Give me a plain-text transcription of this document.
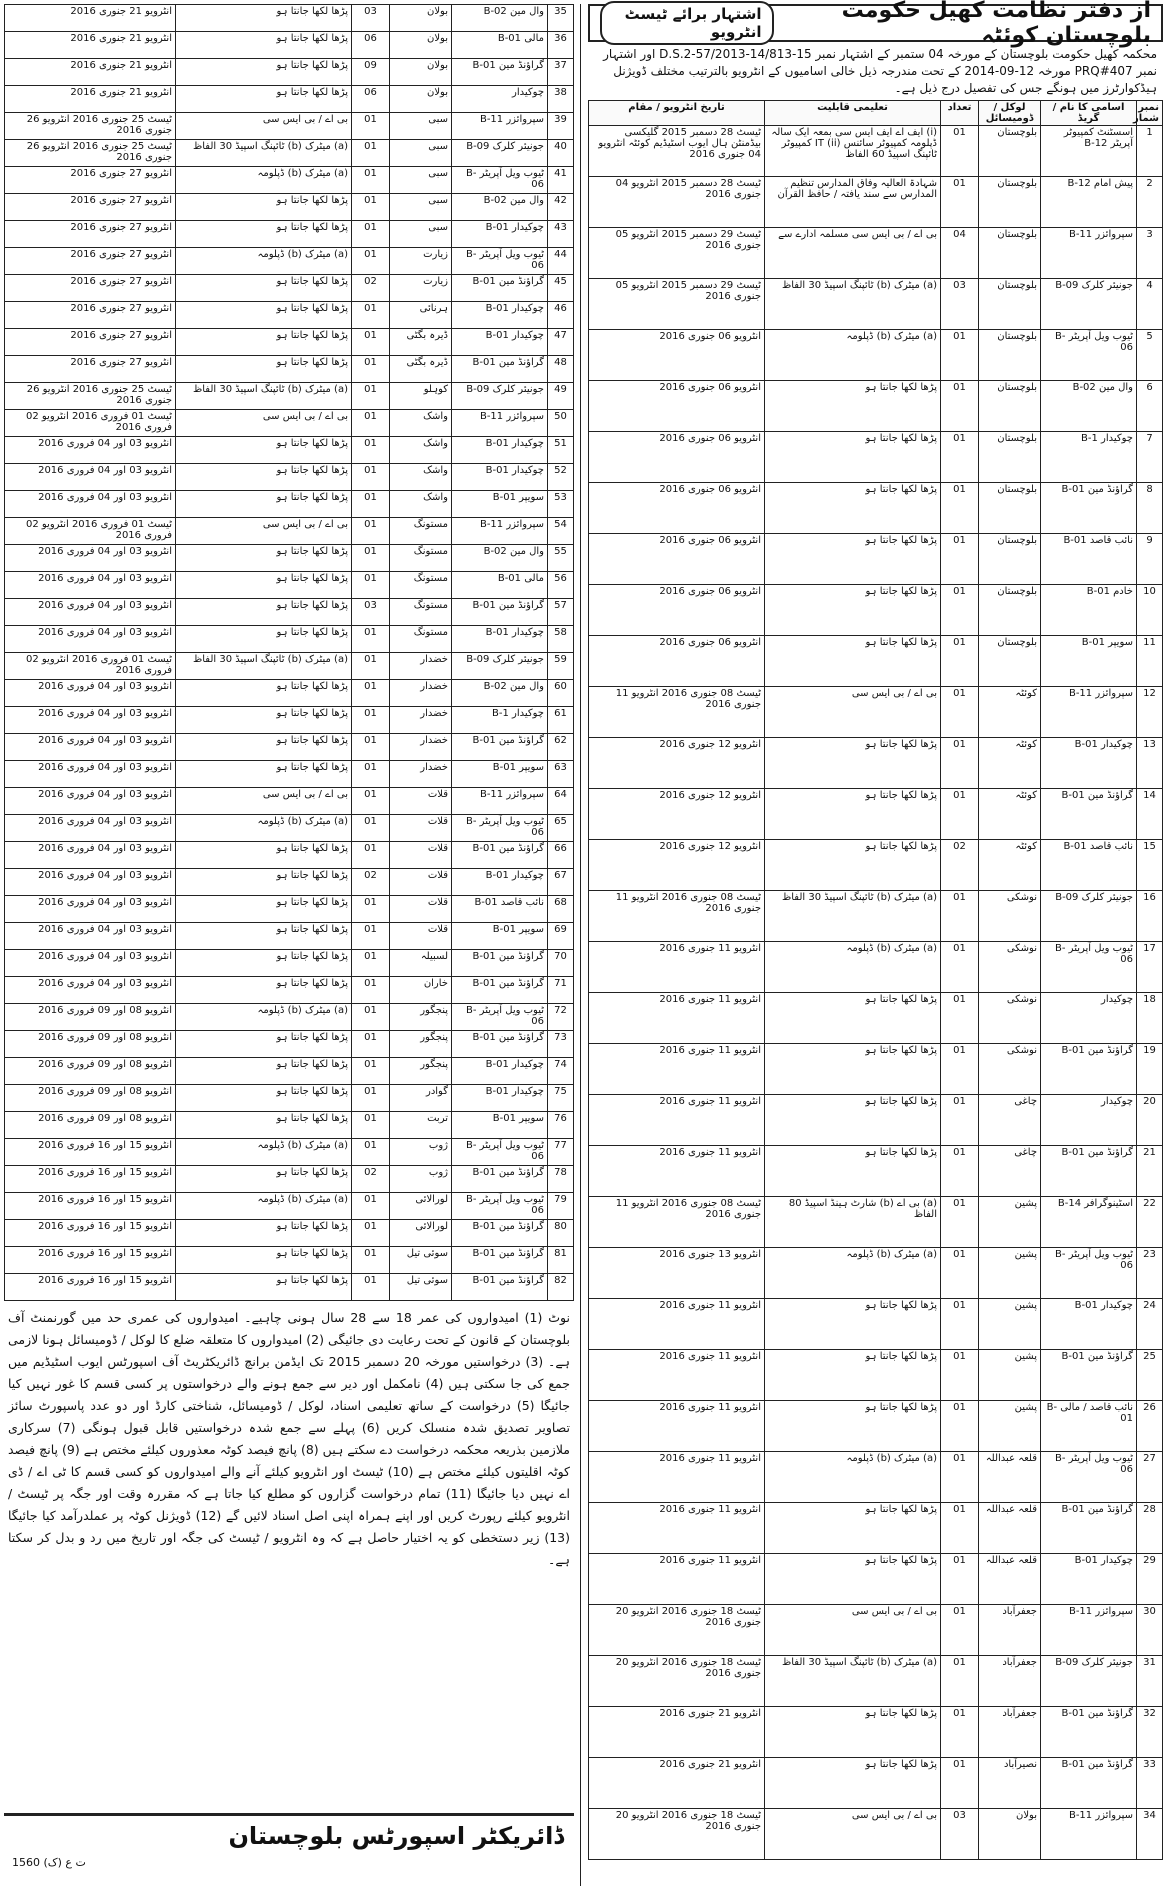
از دفتر نظامت کھیل حکومت بلوچستان کوئٹہ
اشتہار برائے ٹیسٹ انٹرویو
محکمہ کھیل حکومت بلوچستان کے مورخہ 04 ستمبر کے اشتہار نمبر D.S.2-57/2013-14/813-15 اور اشتہار نمبر PRQ#407 مورخہ 12-09-2014 کے تحت مندرجہ ذیل خالی اسامیوں کے انٹرویو بالترتیب مختلف ڈویژنل ہیڈکوارٹرز میں ہونگے جس کی تفصیل درج ذیل ہے۔
نمبر شمار	اسامی کا نام / گریڈ	لوکل / ڈومیسائل	تعداد	تعلیمی قابلیت	تاریخ انٹرویو / مقام
1	اسسٹنٹ کمپیوٹر آپریٹر B-12	بلوچستان	01	(i) ایف اے ایف ایس سی بمعہ ایک سالہ ڈپلومہ کمپیوٹر سائنس IT (ii) کمپیوٹر ٹائپنگ اسپیڈ 60 الفاظ	ٹیسٹ 28 دسمبر 2015 گلیکسی بیڈمنٹن ہال ایوب اسٹیڈیم کوئٹہ انٹرویو 04 جنوری 2016
2	پیش امام B-12	بلوچستان	01	شہادۃ العالیہ وفاق المدارس تنظیم المدارس سے سند یافتہ / حافظ القرآن	ٹیسٹ 28 دسمبر 2015 انٹرویو 04 جنوری 2016
3	سپروائزر B-11	بلوچستان	04	بی اے / بی ایس سی مسلمہ ادارے سے	ٹیسٹ 29 دسمبر 2015 انٹرویو 05 جنوری 2016
4	جونیئر کلرک B-09	بلوچستان	03	(a) میٹرک (b) ٹائپنگ اسپیڈ 30 الفاظ	ٹیسٹ 29 دسمبر 2015 انٹرویو 05 جنوری 2016
5	ٹیوب ویل آپریٹر B-06	بلوچستان	01	(a) میٹرک (b) ڈپلومہ	انٹرویو 06 جنوری 2016
6	وال مین B-02	بلوچستان	01	پڑھا لکھا جانتا ہو	انٹرویو 06 جنوری 2016
7	چوکیدار B-1	بلوچستان	01	پڑھا لکھا جانتا ہو	انٹرویو 06 جنوری 2016
8	گراؤنڈ مین B-01	بلوچستان	01	پڑھا لکھا جانتا ہو	انٹرویو 06 جنوری 2016
9	نائب قاصد B-01	بلوچستان	01	پڑھا لکھا جانتا ہو	انٹرویو 06 جنوری 2016
10	خادم B-01	بلوچستان	01	پڑھا لکھا جانتا ہو	انٹرویو 06 جنوری 2016
11	سویپر B-01	بلوچستان	01	پڑھا لکھا جانتا ہو	انٹرویو 06 جنوری 2016
12	سپروائزر B-11	کوئٹہ	01	بی اے / بی ایس سی	ٹیسٹ 08 جنوری 2016 انٹرویو 11 جنوری 2016
13	چوکیدار B-01	کوئٹہ	01	پڑھا لکھا جانتا ہو	انٹرویو 12 جنوری 2016
14	گراؤنڈ مین B-01	کوئٹہ	01	پڑھا لکھا جانتا ہو	انٹرویو 12 جنوری 2016
15	نائب قاصد B-01	کوئٹہ	02	پڑھا لکھا جانتا ہو	انٹرویو 12 جنوری 2016
16	جونیئر کلرک B-09	نوشکی	01	(a) میٹرک (b) ٹائپنگ اسپیڈ 30 الفاظ	ٹیسٹ 08 جنوری 2016 انٹرویو 11 جنوری 2016
17	ٹیوب ویل آپریٹر B-06	نوشکی	01	(a) میٹرک (b) ڈپلومہ	انٹرویو 11 جنوری 2016
18	چوکیدار	نوشکی	01	پڑھا لکھا جانتا ہو	انٹرویو 11 جنوری 2016
19	گراؤنڈ مین B-01	نوشکی	01	پڑھا لکھا جانتا ہو	انٹرویو 11 جنوری 2016
20	چوکیدار	چاغی	01	پڑھا لکھا جانتا ہو	انٹرویو 11 جنوری 2016
21	گراؤنڈ مین B-01	چاغی	01	پڑھا لکھا جانتا ہو	انٹرویو 11 جنوری 2016
22	اسٹینوگرافر B-14	پشین	01	(a) بی اے (b) شارٹ ہینڈ اسپیڈ 80 الفاظ	ٹیسٹ 08 جنوری 2016 انٹرویو 11 جنوری 2016
23	ٹیوب ویل آپریٹر B-06	پشین	01	(a) میٹرک (b) ڈپلومہ	انٹرویو 13 جنوری 2016
24	چوکیدار B-01	پشین	01	پڑھا لکھا جانتا ہو	انٹرویو 11 جنوری 2016
25	گراؤنڈ مین B-01	پشین	01	پڑھا لکھا جانتا ہو	انٹرویو 11 جنوری 2016
26	نائب قاصد / مالی B-01	پشین	01	پڑھا لکھا جانتا ہو	انٹرویو 11 جنوری 2016
27	ٹیوب ویل آپریٹر B-06	قلعہ عبداللہ	01	(a) میٹرک (b) ڈپلومہ	انٹرویو 11 جنوری 2016
28	گراؤنڈ مین B-01	قلعہ عبداللہ	01	پڑھا لکھا جانتا ہو	انٹرویو 11 جنوری 2016
29	چوکیدار B-01	قلعہ عبداللہ	01	پڑھا لکھا جانتا ہو	انٹرویو 11 جنوری 2016
30	سپروائزر B-11	جعفرآباد	01	بی اے / بی ایس سی	ٹیسٹ 18 جنوری 2016 انٹرویو 20 جنوری 2016
31	جونیئر کلرک B-09	جعفرآباد	01	(a) میٹرک (b) ٹائپنگ اسپیڈ 30 الفاظ	ٹیسٹ 18 جنوری 2016 انٹرویو 20 جنوری 2016
32	گراؤنڈ مین B-01	جعفرآباد	01	پڑھا لکھا جانتا ہو	انٹرویو 21 جنوری 2016
33	گراؤنڈ مین B-01	نصیرآباد	01	پڑھا لکھا جانتا ہو	انٹرویو 21 جنوری 2016
34	سپروائزر B-11	بولان	03	بی اے / بی ایس سی	ٹیسٹ 18 جنوری 2016 انٹرویو 20 جنوری 2016
35	وال مین B-02	بولان	03	پڑھا لکھا جانتا ہو	انٹرویو 21 جنوری 2016
36	مالی B-01	بولان	06	پڑھا لکھا جانتا ہو	انٹرویو 21 جنوری 2016
37	گراؤنڈ مین B-01	بولان	09	پڑھا لکھا جانتا ہو	انٹرویو 21 جنوری 2016
38	چوکیدار	بولان	06	پڑھا لکھا جانتا ہو	انٹرویو 21 جنوری 2016
39	سپروائزر B-11	سبی	01	بی اے / بی ایس سی	ٹیسٹ 25 جنوری 2016 انٹرویو 26 جنوری 2016
40	جونیئر کلرک B-09	سبی	01	(a) میٹرک (b) ٹائپنگ اسپیڈ 30 الفاظ	ٹیسٹ 25 جنوری 2016 انٹرویو 26 جنوری 2016
41	ٹیوب ویل آپریٹر B-06	سبی	01	(a) میٹرک (b) ڈپلومہ	انٹرویو 27 جنوری 2016
42	وال مین B-02	سبی	01	پڑھا لکھا جانتا ہو	انٹرویو 27 جنوری 2016
43	چوکیدار B-01	سبی	01	پڑھا لکھا جانتا ہو	انٹرویو 27 جنوری 2016
44	ٹیوب ویل آپریٹر B-06	زیارت	01	(a) میٹرک (b) ڈپلومہ	انٹرویو 27 جنوری 2016
45	گراؤنڈ مین B-01	زیارت	02	پڑھا لکھا جانتا ہو	انٹرویو 27 جنوری 2016
46	چوکیدار B-01	ہرنائی	01	پڑھا لکھا جانتا ہو	انٹرویو 27 جنوری 2016
47	چوکیدار B-01	ڈیرہ بگٹی	01	پڑھا لکھا جانتا ہو	انٹرویو 27 جنوری 2016
48	گراؤنڈ مین B-01	ڈیرہ بگٹی	01	پڑھا لکھا جانتا ہو	انٹرویو 27 جنوری 2016
49	جونیئر کلرک B-09	کوہلو	01	(a) میٹرک (b) ٹائپنگ اسپیڈ 30 الفاظ	ٹیسٹ 25 جنوری 2016 انٹرویو 26 جنوری 2016
50	سپروائزر B-11	واشک	01	بی اے / بی ایس سی	ٹیسٹ 01 فروری 2016 انٹرویو 02 فروری 2016
51	چوکیدار B-01	واشک	01	پڑھا لکھا جانتا ہو	انٹرویو 03 اور 04 فروری 2016
52	چوکیدار B-01	واشک	01	پڑھا لکھا جانتا ہو	انٹرویو 03 اور 04 فروری 2016
53	سویپر B-01	واشک	01	پڑھا لکھا جانتا ہو	انٹرویو 03 اور 04 فروری 2016
54	سپروائزر B-11	مستونگ	01	بی اے / بی ایس سی	ٹیسٹ 01 فروری 2016 انٹرویو 02 فروری 2016
55	وال مین B-02	مستونگ	01	پڑھا لکھا جانتا ہو	انٹرویو 03 اور 04 فروری 2016
56	مالی B-01	مستونگ	01	پڑھا لکھا جانتا ہو	انٹرویو 03 اور 04 فروری 2016
57	گراؤنڈ مین B-01	مستونگ	03	پڑھا لکھا جانتا ہو	انٹرویو 03 اور 04 فروری 2016
58	چوکیدار B-01	مستونگ	01	پڑھا لکھا جانتا ہو	انٹرویو 03 اور 04 فروری 2016
59	جونیئر کلرک B-09	خضدار	01	(a) میٹرک (b) ٹائپنگ اسپیڈ 30 الفاظ	ٹیسٹ 01 فروری 2016 انٹرویو 02 فروری 2016
60	وال مین B-02	خضدار	01	پڑھا لکھا جانتا ہو	انٹرویو 03 اور 04 فروری 2016
61	چوکیدار B-1	خضدار	01	پڑھا لکھا جانتا ہو	انٹرویو 03 اور 04 فروری 2016
62	گراؤنڈ مین B-01	خضدار	01	پڑھا لکھا جانتا ہو	انٹرویو 03 اور 04 فروری 2016
63	سویپر B-01	خضدار	01	پڑھا لکھا جانتا ہو	انٹرویو 03 اور 04 فروری 2016
64	سپروائزر B-11	قلات	01	بی اے / بی ایس سی	انٹرویو 03 اور 04 فروری 2016
65	ٹیوب ویل آپریٹر B-06	قلات	01	(a) میٹرک (b) ڈپلومہ	انٹرویو 03 اور 04 فروری 2016
66	گراؤنڈ مین B-01	قلات	01	پڑھا لکھا جانتا ہو	انٹرویو 03 اور 04 فروری 2016
67	چوکیدار B-01	قلات	02	پڑھا لکھا جانتا ہو	انٹرویو 03 اور 04 فروری 2016
68	نائب قاصد B-01	قلات	01	پڑھا لکھا جانتا ہو	انٹرویو 03 اور 04 فروری 2016
69	سویپر B-01	قلات	01	پڑھا لکھا جانتا ہو	انٹرویو 03 اور 04 فروری 2016
70	گراؤنڈ مین B-01	لسبیلہ	01	پڑھا لکھا جانتا ہو	انٹرویو 03 اور 04 فروری 2016
71	گراؤنڈ مین B-01	خاران	01	پڑھا لکھا جانتا ہو	انٹرویو 03 اور 04 فروری 2016
72	ٹیوب ویل آپریٹر B-06	پنجگور	01	(a) میٹرک (b) ڈپلومہ	انٹرویو 08 اور 09 فروری 2016
73	گراؤنڈ مین B-01	پنجگور	01	پڑھا لکھا جانتا ہو	انٹرویو 08 اور 09 فروری 2016
74	چوکیدار B-01	پنجگور	01	پڑھا لکھا جانتا ہو	انٹرویو 08 اور 09 فروری 2016
75	چوکیدار B-01	گوادر	01	پڑھا لکھا جانتا ہو	انٹرویو 08 اور 09 فروری 2016
76	سویپر B-01	تربت	01	پڑھا لکھا جانتا ہو	انٹرویو 08 اور 09 فروری 2016
77	ٹیوب ویل آپریٹر B-06	ژوب	01	(a) میٹرک (b) ڈپلومہ	انٹرویو 15 اور 16 فروری 2016
78	گراؤنڈ مین B-01	ژوب	02	پڑھا لکھا جانتا ہو	انٹرویو 15 اور 16 فروری 2016
79	ٹیوب ویل آپریٹر B-06	لورالائی	01	(a) میٹرک (b) ڈپلومہ	انٹرویو 15 اور 16 فروری 2016
80	گراؤنڈ مین B-01	لورالائی	01	پڑھا لکھا جانتا ہو	انٹرویو 15 اور 16 فروری 2016
81	گراؤنڈ مین B-01	سوئی تیل	01	پڑھا لکھا جانتا ہو	انٹرویو 15 اور 16 فروری 2016
82	گراؤنڈ مین B-01	سوئی تیل	01	پڑھا لکھا جانتا ہو	انٹرویو 15 اور 16 فروری 2016
نوٹ (1) امیدواروں کی عمر 18 سے 28 سال ہونی چاہیے۔ امیدواروں کی عمری حد میں گورنمنٹ آف بلوچستان کے قانون کے تحت رعایت دی جائیگی (2) امیدواروں کا متعلقہ ضلع کا لوکل / ڈومیسائل ہونا لازمی ہے۔ (3) درخواستیں مورخہ 20 دسمبر 2015 تک ایڈمن برانچ ڈائریکٹریٹ آف اسپورٹس ایوب اسٹیڈیم میں جمع کی جا سکتی ہیں (4) نامکمل اور دیر سے جمع ہونے والے درخواستوں پر کسی قسم کا غور نہیں کیا جائیگا (5) درخواست کے ساتھ تعلیمی اسناد، لوکل / ڈومیسائل، شناختی کارڈ اور دو عدد پاسپورٹ سائز تصاویر تصدیق شدہ منسلک کریں (6) پہلے سے جمع شدہ درخواستیں قابل قبول ہونگی (7) سرکاری ملازمین بذریعہ محکمہ درخواست دے سکتے ہیں (8) پانچ فیصد کوٹہ معذوروں کیلئے مختص ہے (9) پانچ فیصد کوٹہ اقلیتوں کیلئے مختص ہے (10) ٹیسٹ اور انٹرویو کیلئے آنے والے امیدواروں کو کسی قسم کا ٹی اے / ڈی اے نہیں دیا جائیگا (11) تمام درخواست گزاروں کو مطلع کیا جاتا ہے کہ مقررہ وقت اور جگہ پر ٹیسٹ / انٹرویو کیلئے رپورٹ کریں اور اپنے ہمراہ اپنی اصل اسناد لائیں گے (12) ڈویژنل کوٹہ پر عملدرآمد کیا جائیگا (13) زیر دستخطی کو یہ اختیار حاصل ہے کہ وہ انٹرویو / ٹیسٹ کی جگہ اور تاریخ میں رد و بدل کر سکتا ہے۔
ڈائریکٹر اسپورٹس بلوچستان
ت ع (ک) 1560
